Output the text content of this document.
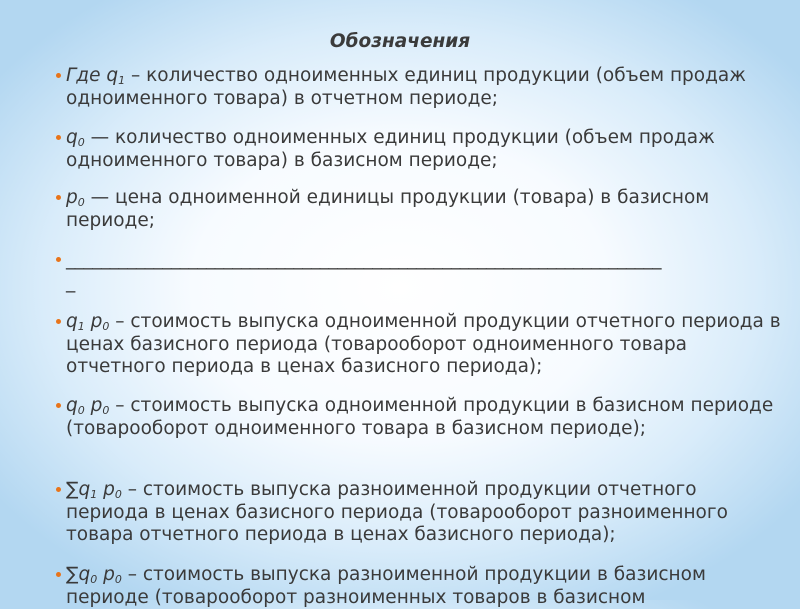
Обозначения
Где $q_1$ – количество одноименных единиц продукции (объем продаж одноименного товара) в отчетном периоде;
$q_0$ — количество одноименных единиц продукции (объем продаж одноименного товара) в базисном периоде;
$p_0$ — цена одноименной единицы продукции (товара) в базисном периоде;
____________________________________________________________________
_
$q_1$ $p_0$ – стоимость выпуска одноименной продукции отчетного периода в ценах базисного периода (товарооборот одноименного товара отчетного периода в ценах базисного периода);
$q_0$ $p_0$ – стоимость выпуска одноименной продукции в базисном периоде (товарооборот одноименного товара в базисном периоде);
$\sum q_1$ $p_0$ – стоимость выпуска разноименной продукции отчетного периода в ценах базисного периода (товарооборот разноименного товара отчетного периода в ценах базисного периода);
$\sum q_0$ $p_0$ – стоимость выпуска разноименной продукции в базисном периоде (товарооборот разноименных товаров в базисном
